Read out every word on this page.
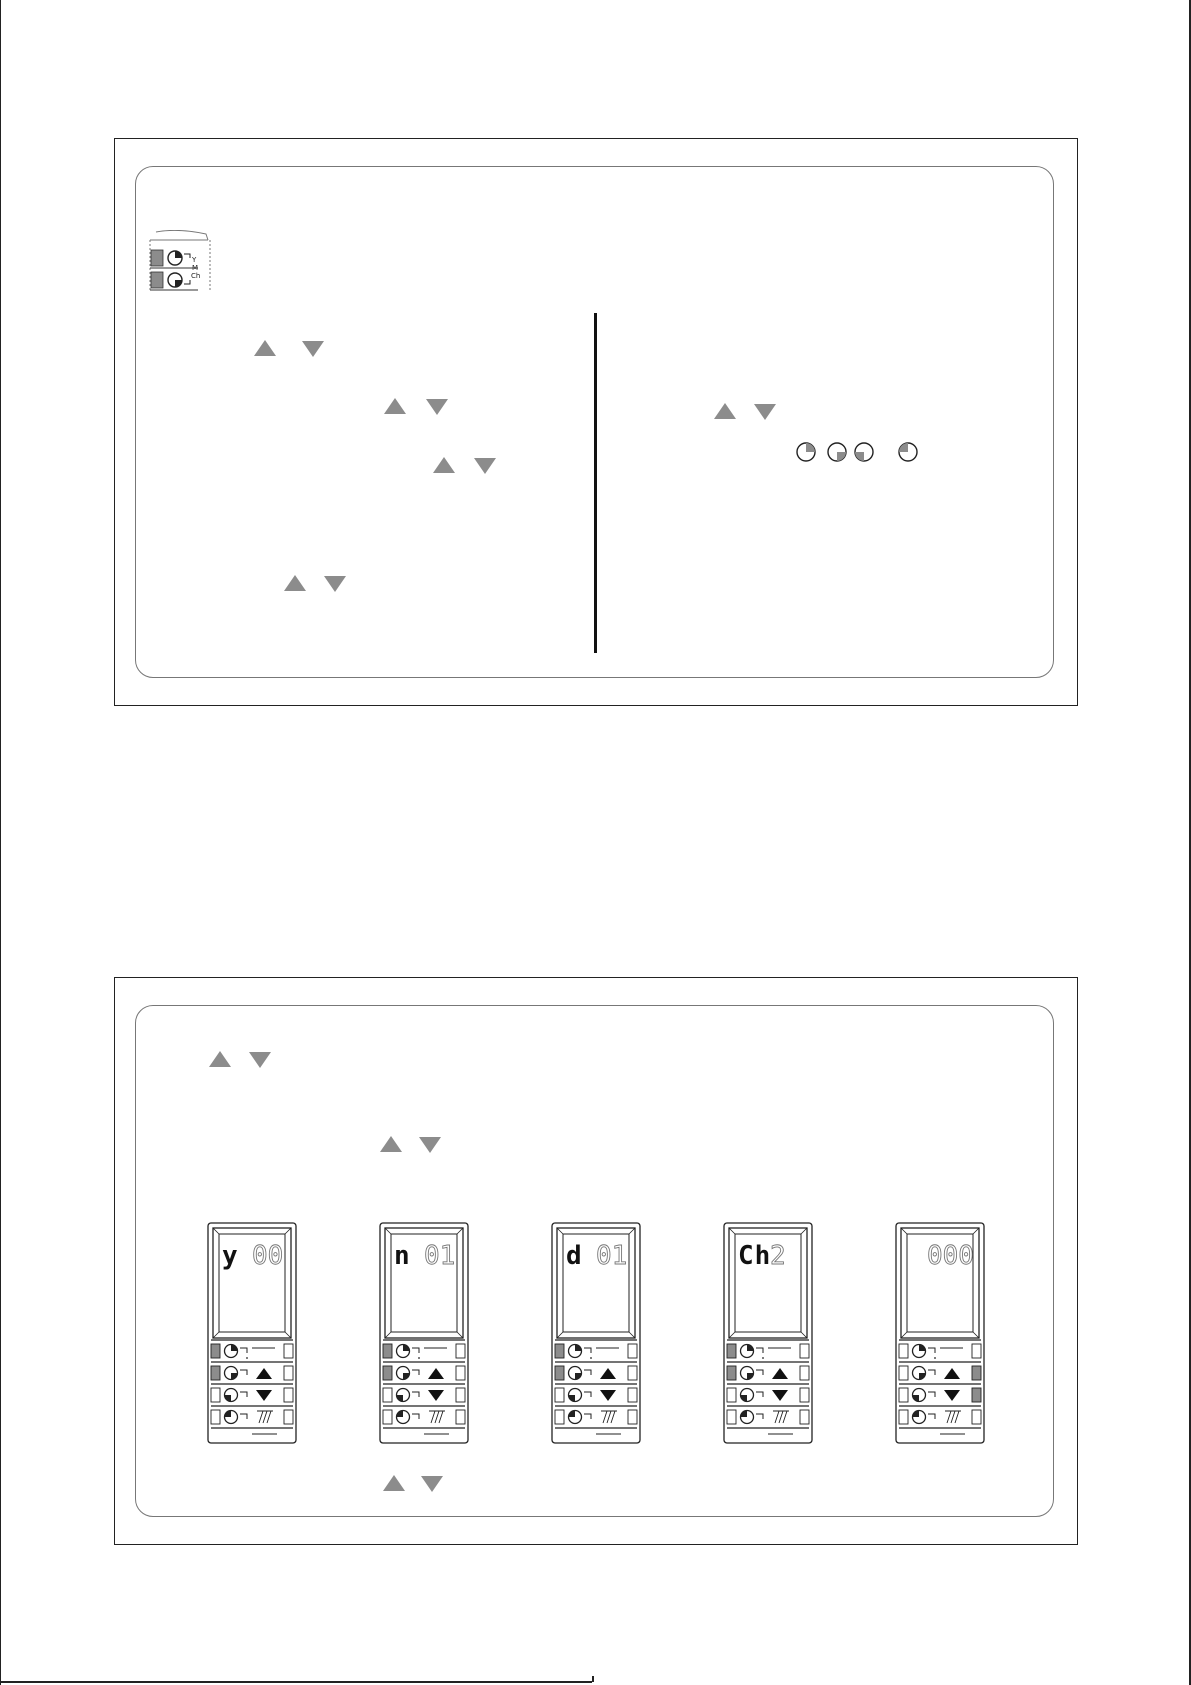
Y
M
Ch
y 00	n 01	d 01	Ch
2	000
